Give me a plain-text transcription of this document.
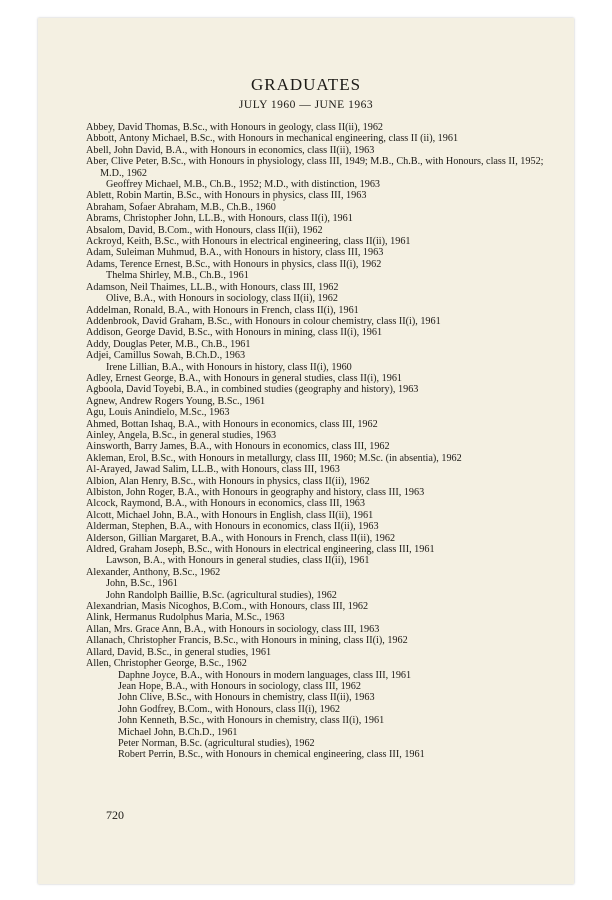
GRADUATES
JULY 1960 — JUNE 1963

Abbey, David Thomas, B.Sc., with Honours in geology, class II(ii), 1962

Abbott, Antony Michael, B.Sc., with Honours in mechanical engineering, class II (ii), 1961

Abell, John David, B.A., with Honours in economics, class II(ii), 1963

Aber, Clive Peter, B.Sc., with Honours in physiology, class III, 1949; M.B., Ch.B., with Honours, class II, 1952; M.D., 1962

Geoffrey Michael, M.B., Ch.B., 1952; M.D., with distinction, 1963

Ablett, Robin Martin, B.Sc., with Honours in physics, class III, 1963

Abraham, Sofaer Abraham, M.B., Ch.B., 1960

Abrams, Christopher John, LL.B., with Honours, class II(i), 1961

Absalom, David, B.Com., with Honours, class II(ii), 1962

Ackroyd, Keith, B.Sc., with Honours in electrical engineering, class II(ii), 1961

Adam, Suleiman Muhmud, B.A., with Honours in history, class III, 1963

Adams, Terence Ernest, B.Sc., with Honours in physics, class II(i), 1962

Thelma Shirley, M.B., Ch.B., 1961

Adamson, Neil Thaimes, LL.B., with Honours, class III, 1962

Olive, B.A., with Honours in sociology, class II(ii), 1962

Addelman, Ronald, B.A., with Honours in French, class II(i), 1961

Addenbrook, David Graham, B.Sc., with Honours in colour chemistry, class II(i), 1961

Addison, George David, B.Sc., with Honours in mining, class II(i), 1961

Addy, Douglas Peter, M.B., Ch.B., 1961

Adjei, Camillus Sowah, B.Ch.D., 1963

Irene Lillian, B.A., with Honours in history, class II(i), 1960

Adley, Ernest George, B.A., with Honours in general studies, class II(i), 1961

Agboola, David Toyebi, B.A., in combined studies (geography and history), 1963

Agnew, Andrew Rogers Young, B.Sc., 1961

Agu, Louis Anindielo, M.Sc., 1963

Ahmed, Bottan Ishaq, B.A., with Honours in economics, class III, 1962

Ainley, Angela, B.Sc., in general studies, 1963

Ainsworth, Barry James, B.A., with Honours in economics, class III, 1962

Akleman, Erol, B.Sc., with Honours in metallurgy, class III, 1960; M.Sc. (in absentia), 1962

Al-Arayed, Jawad Salim, LL.B., with Honours, class III, 1963

Albion, Alan Henry, B.Sc., with Honours in physics, class II(ii), 1962

Albiston, John Roger, B.A., with Honours in geography and history, class III, 1963

Alcock, Raymond, B.A., with Honours in economics, class III, 1963

Alcott, Michael John, B.A., with Honours in English, class II(ii), 1961

Alderman, Stephen, B.A., with Honours in economics, class II(ii), 1963

Alderson, Gillian Margaret, B.A., with Honours in French, class II(ii), 1962

Aldred, Graham Joseph, B.Sc., with Honours in electrical engineering, class III, 1961

Lawson, B.A., with Honours in general studies, class II(ii), 1961

Alexander, Anthony, B.Sc., 1962

John, B.Sc., 1961

John Randolph Baillie, B.Sc. (agricultural studies), 1962

Alexandrian, Masis Nicoghos, B.Com., with Honours, class III, 1962

Alink, Hermanus Rudolphus Maria, M.Sc., 1963

Allan, Mrs. Grace Ann, B.A., with Honours in sociology, class III, 1963

Allanach, Christopher Francis, B.Sc., with Honours in mining, class II(i), 1962

Allard, David, B.Sc., in general studies, 1961

Allen, Christopher George, B.Sc., 1962

Daphne Joyce, B.A., with Honours in modern languages, class III, 1961

Jean Hope, B.A., with Honours in sociology, class III, 1962

John Clive, B.Sc., with Honours in chemistry, class II(ii), 1963

John Godfrey, B.Com., with Honours, class II(i), 1962

John Kenneth, B.Sc., with Honours in chemistry, class II(i), 1961

Michael John, B.Ch.D., 1961

Peter Norman, B.Sc. (agricultural studies), 1962

Robert Perrin, B.Sc., with Honours in chemical engineering, class III, 1961

720
